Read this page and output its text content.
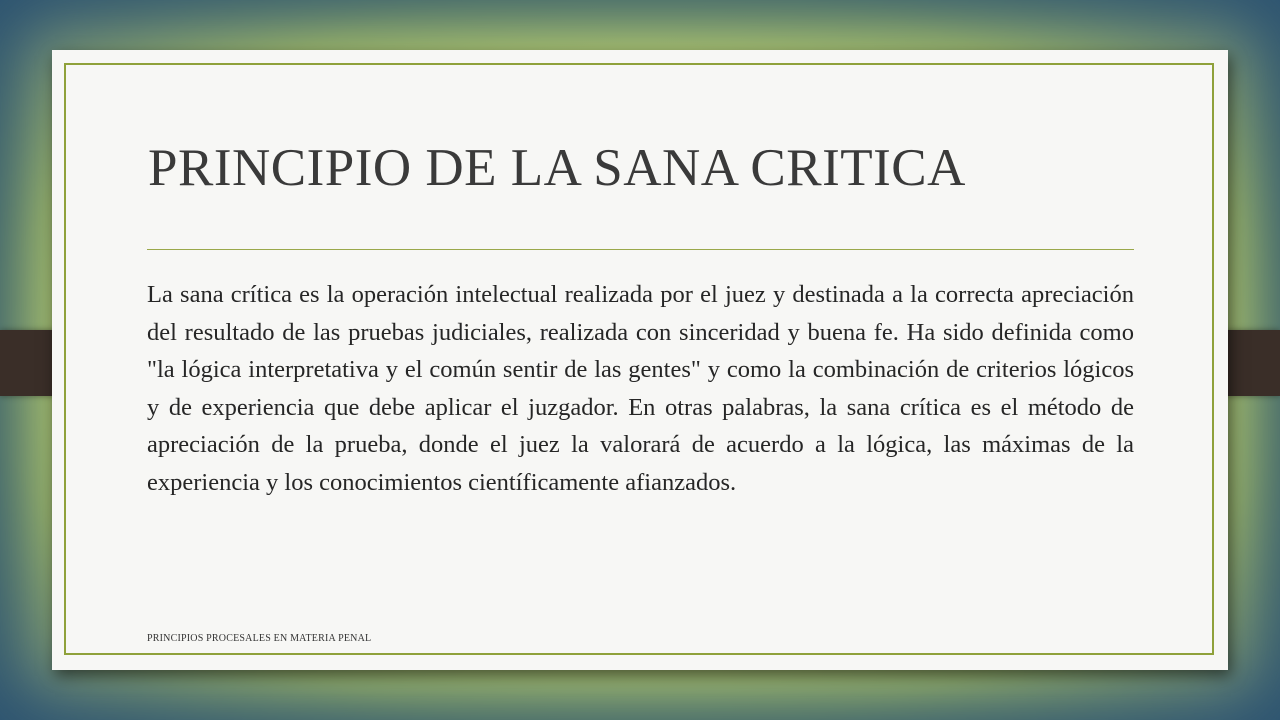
PRINCIPIO DE LA SANA CRITICA

La sana crítica es la operación intelectual realizada por el juez y destinada a la correcta apreciación del resultado de las pruebas judiciales, realizada con sinceridad y buena fe. Ha sido definida como "la lógica interpretativa y el común sentir de las gentes" y como la combinación de criterios lógicos y de experiencia que debe aplicar el juzgador. En otras palabras, la sana crítica es el método de apreciación de la prueba, donde el juez la valorará de acuerdo a la lógica, las máximas de la experiencia y los conocimientos científicamente afianzados.

PRINCIPIOS PROCESALES EN MATERIA PENAL
